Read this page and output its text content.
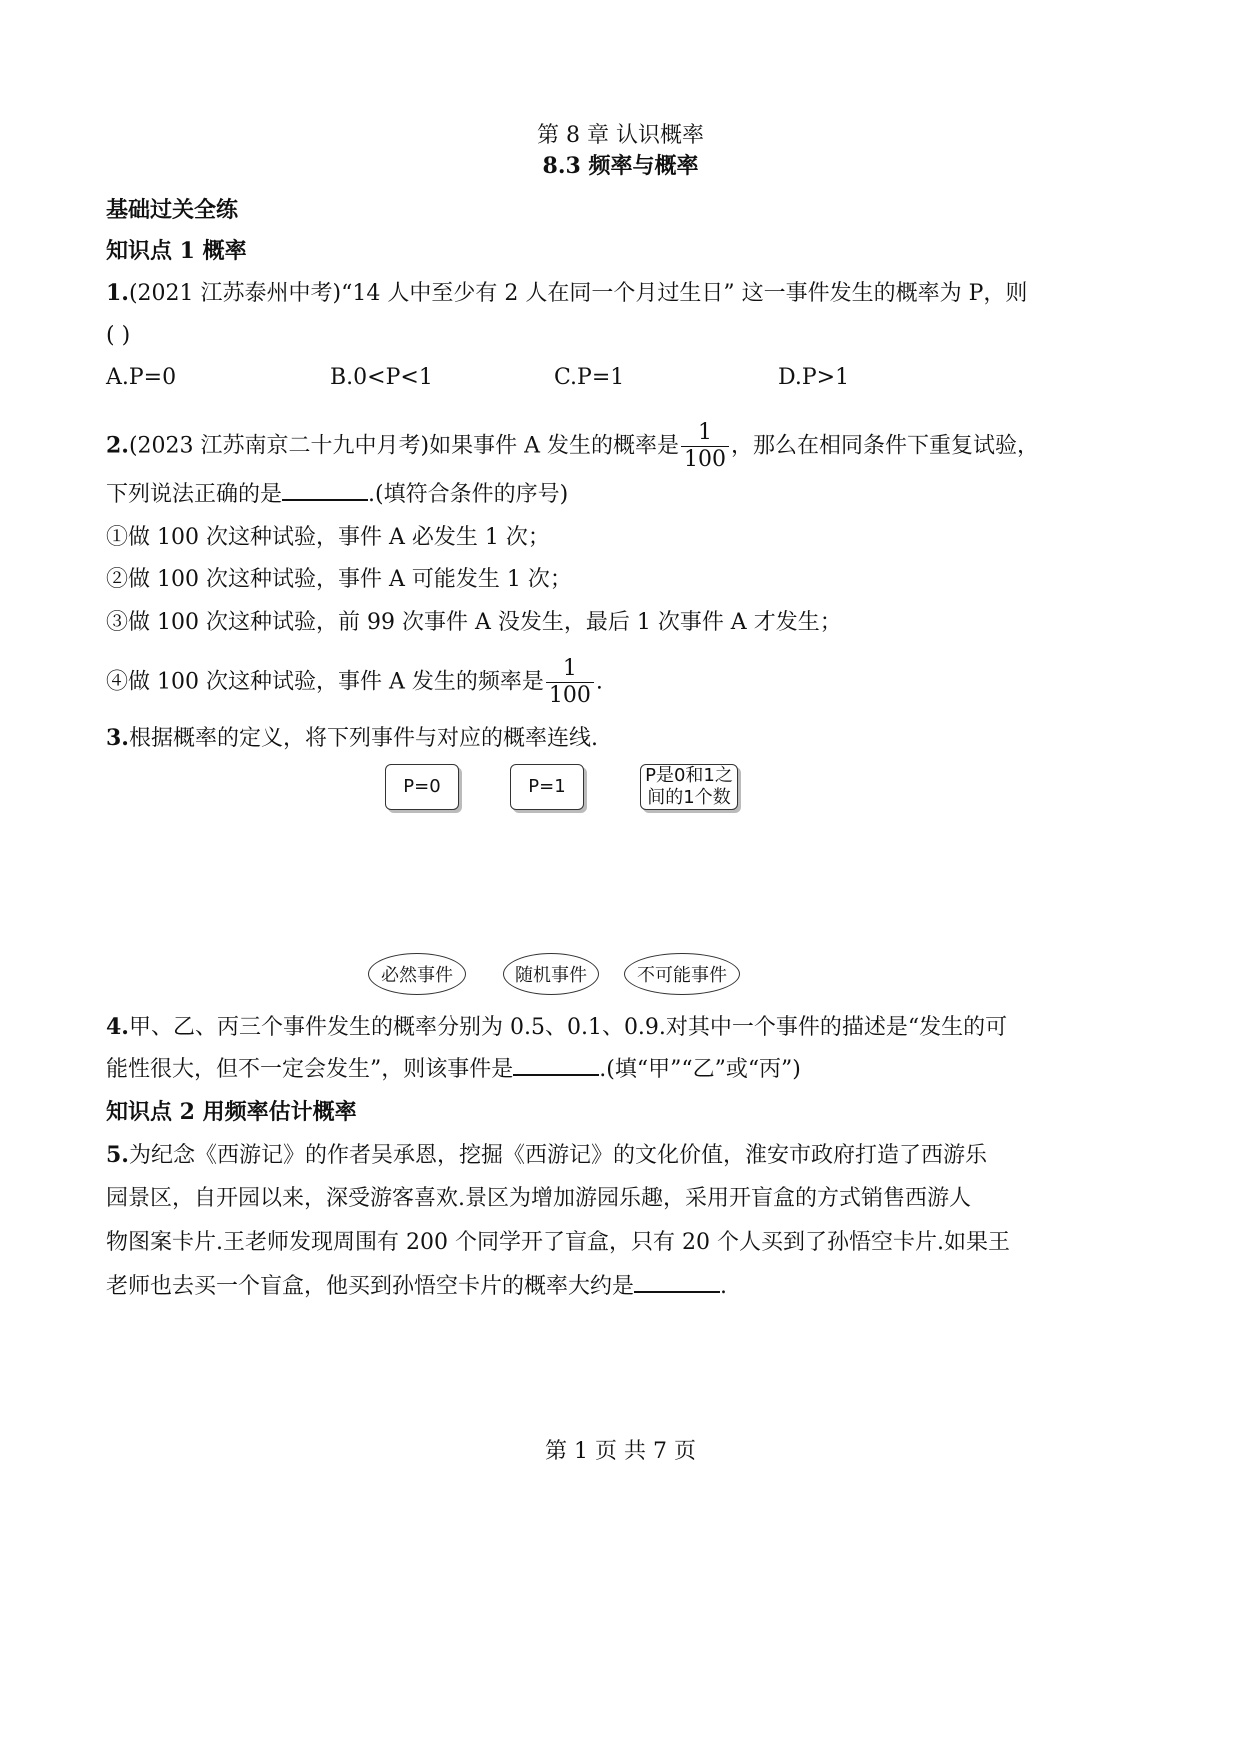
第 8 章 认识概率
8.3 频率与概率
基础过关全练
知识点 1 概率
1.(2021 江苏泰州中考)“14 人中至少有 2 人在同一个月过生日” 这一事件发生的概率为 P，则
( )
A.P=0	B.0<P<1	C.P=1	D.P>1
2.(2023 江苏南京二十九中月考)如果事件 A 发生的概率是 $\frac{1}{100}$ ，那么在相同条件下重复试验，
下列说法正确的是	.(填符合条件的序号)
①做 100 次这种试验，事件 A 必发生 1 次；
②做 100 次这种试验，事件 A 可能发生 1 次；
③做 100 次这种试验，前 99 次事件 A 没发生，最后 1 次事件 A 才发生；
④做 100 次这种试验，事件 A 发生的频率是 $\frac{1}{100}$ .
3.根据概率的定义，将下列事件与对应的概率连线.
P=0	P=1
P是0和1之
间的1个数
必然事件	随机事件	不可能事件
4.甲、乙、丙三个事件发生的概率分别为 0.5、0.1、0.9.对其中一个事件的描述是“发生的可
能性很大，但不一定会发生”，则该事件是	.(填“甲”“乙”或“丙”)
知识点 2 用频率估计概率
5.为纪念《西游记》的作者吴承恩，挖掘《西游记》的文化价值，淮安市政府打造了西游乐
园景区，自开园以来，深受游客喜欢.景区为增加游园乐趣，采用开盲盒的方式销售西游人
物图案卡片.王老师发现周围有 200 个同学开了盲盒，只有 20 个人买到了孙悟空卡片.如果王
老师也去买一个盲盒，他买到孙悟空卡片的概率大约是	.
第 1 页 共 7 页
